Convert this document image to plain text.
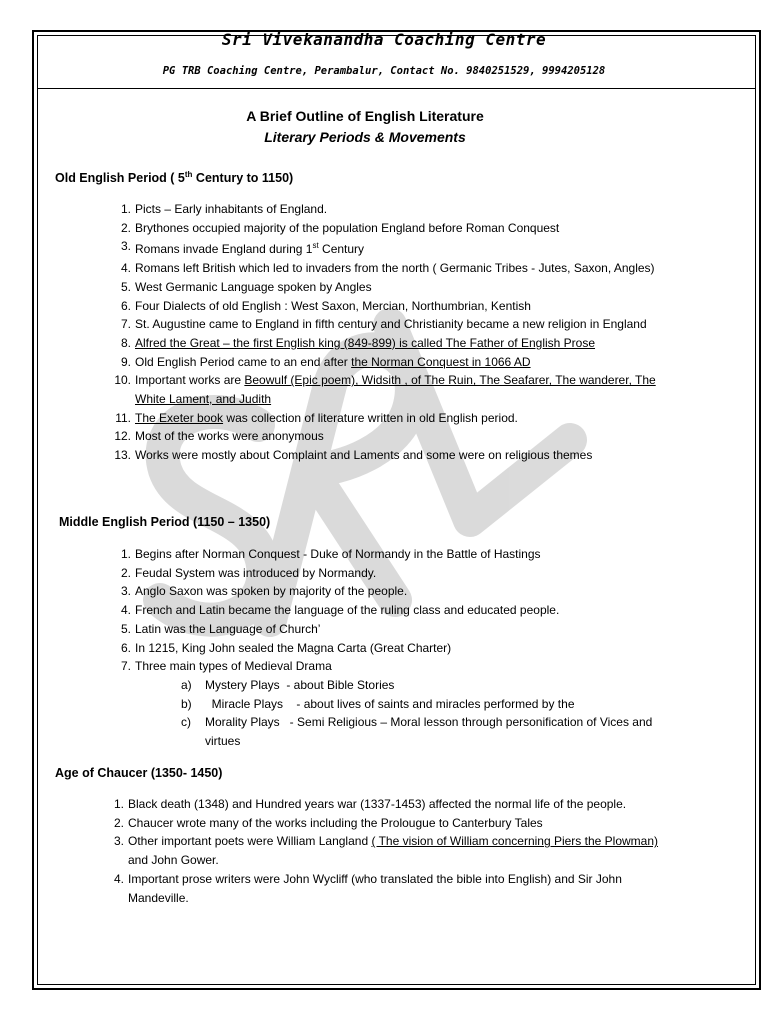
Sri Vivekanandha Coaching Centre
PG TRB Coaching Centre, Perambalur, Contact No. 9840251529, 9994205128
A Brief Outline of English Literature
Literary Periods & Movements
Old English Period ( 5th Century to 1150)
1. Picts – Early inhabitants of England.
2. Brythones occupied majority of the population England before Roman Conquest
3. Romans invade England during 1st Century
4. Romans left British which led to invaders from the north ( Germanic Tribes - Jutes, Saxon, Angles)
5. West Germanic Language spoken by Angles
6. Four Dialects of old English : West Saxon, Mercian, Northumbrian, Kentish
7. St. Augustine came to England in fifth century and Christianity became a new religion in England
8. Alfred the Great – the first English king (849-899) is called The Father of English Prose
9. Old English Period came to an end after the Norman Conquest in 1066 AD
10. Important works are Beowulf (Epic poem), Widsith , of The Ruin, The Seafarer, The wanderer, The White Lament, and Judith
11. The Exeter book was collection of literature written in old English period.
12. Most of the works were anonymous
13. Works were mostly about Complaint and Laments and some were on religious themes
Middle English Period (1150 – 1350)
1. Begins after Norman Conquest - Duke of Normandy in the Battle of Hastings
2. Feudal System was introduced by Normandy.
3. Anglo Saxon was spoken by majority of the people.
4. French and Latin became the language of the ruling class and educated people.
5. Latin was the Language of Church’
6. In 1215, King John sealed the Magna Carta (Great Charter)
7. Three main types of Medieval Drama
a)	Mystery Plays  - about Bible Stories
b)	Miracle Plays    - about lives of saints and miracles performed by the
c)	Morality Plays   - Semi Religious – Moral lesson through personification of Vices and virtues
Age of Chaucer (1350- 1450)
1. Black death (1348) and Hundred years war (1337-1453) affected the normal life of the people.
2. Chaucer wrote many of the works including the Prolougue to Canterbury Tales
3. Other important poets were William Langland ( The vision of William concerning Piers the Plowman) and John Gower.
4. Important prose writers were John Wycliff (who translated the bible into English) and Sir John Mandeville.
